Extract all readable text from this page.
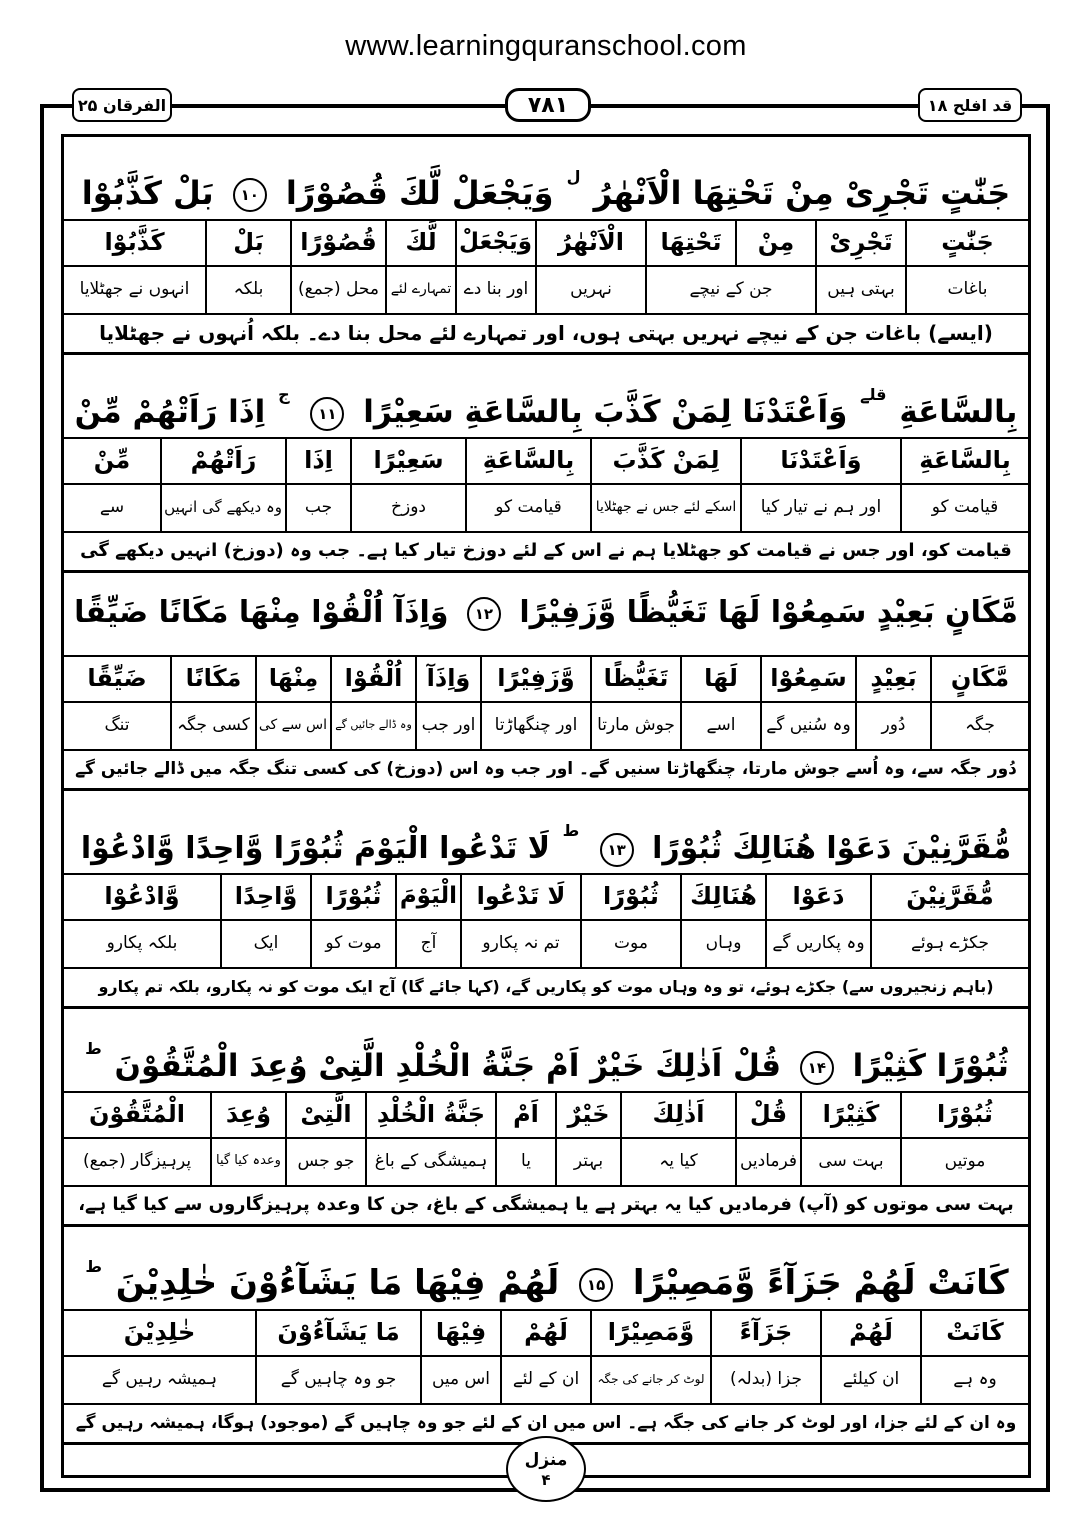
www.learningquranschool.com
الفرقان ۲۵	۷۸۱	قد افلح ۱۸
جَنّٰتٍ تَجْرِىْ مِنْ تَحْتِهَا الْاَنْهٰرُ $^ل$ وَيَجْعَلْ لَّكَ قُصُوْرًا ۱۰ بَلْ كَذَّبُوْا
جَنّٰتٍ
تَجْرِىْ
مِنْ
تَحْتِهَا
الْاَنْهٰرُ
وَيَجْعَلْ
لَّكَ
قُصُوْرًا
بَلْ
كَذَّبُوْا
باغات
بہتی ہیں
جن کے نیچے
نہریں
اور بنا دے
تمہارے لئے
محل (جمع)
بلکہ
انہوں نے جھٹلایا
(ایسے) باغات جن کے نیچے نہریں بہتی ہوں، اور تمہارے لئے محل بنا دے۔ بلکہ اُنہوں نے جھٹلایا
بِالسَّاعَةِ $^{قلے}$ وَاَعْتَدْنَا لِمَنْ كَذَّبَ بِالسَّاعَةِ سَعِيْرًا ۱۱ $^ج$ اِذَا رَاَتْهُمْ مِّنْ
بِالسَّاعَةِ
وَاَعْتَدْنَا
لِمَنْ كَذَّبَ
بِالسَّاعَةِ
سَعِيْرًا
اِذَا
رَاَتْهُمْ
مِّنْ
قیامت کو
اور ہم نے تیار کیا
اسکے لئے جس نے جھٹلایا
قیامت کو
دوزخ
جب
وہ دیکھے گی انہیں
سے
قیامت کو، اور جس نے قیامت کو جھٹلایا ہم نے اس کے لئے دوزخ تیار کیا ہے۔ جب وہ (دوزخ) انہیں دیکھے گی
مَّكَانٍ بَعِيْدٍ سَمِعُوْا لَهَا تَغَيُّظًا وَّزَفِيْرًا ۱۲ وَاِذَآ اُلْقُوْا مِنْهَا مَكَانًا ضَيِّقًا
مَّكَانٍ
بَعِيْدٍ
سَمِعُوْا
لَهَا
تَغَيُّظًا
وَّزَفِيْرًا
وَاِذَآ
اُلْقُوْا
مِنْهَا
مَكَانًا
ضَيِّقًا
جگہ
دُور
وہ سُنیں گے
اسے
جوش مارتا
اور چنگھاڑتا
اور جب
وہ ڈالے جائیں گے
اس سے کی
کسی جگہ
تنگ
دُور جگہ سے، وہ اُسے جوش مارتا، چنگھاڑتا سنیں گے۔ اور جب وہ اس (دوزخ) کی کسی تنگ جگہ میں ڈالے جائیں گے
مُّقَرَّنِيْنَ دَعَوْا هُنَالِكَ ثُبُوْرًا ۱۳ $^ط$ لَا تَدْعُوا الْيَوْمَ ثُبُوْرًا وَّاحِدًا وَّادْعُوْا
مُّقَرَّنِيْنَ
دَعَوْا
هُنَالِكَ
ثُبُوْرًا
لَا تَدْعُوا
الْيَوْمَ
ثُبُوْرًا
وَّاحِدًا
وَّادْعُوْا
جکڑے ہوئے
وہ پکاریں گے
وہاں
موت
تم نہ پکارو
آج
موت کو
ایک
بلکہ پکارو
(باہم زنجیروں سے) جکڑے ہوئے، تو وہ وہاں موت کو پکاریں گے، (کہا جائے گا) آج ایک موت کو نہ پکارو، بلکہ تم پکارو
ثُبُوْرًا كَثِيْرًا ۱۴ قُلْ اَذٰلِكَ خَيْرٌ اَمْ جَنَّةُ الْخُلْدِ الَّتِىْ وُعِدَ الْمُتَّقُوْنَ $^ط$
ثُبُوْرًا
كَثِيْرًا
قُلْ
اَذٰلِكَ
خَيْرٌ
اَمْ
جَنَّةُ الْخُلْدِ
الَّتِىْ
وُعِدَ
الْمُتَّقُوْنَ
موتیں
بہت سی
فرمادیں
کیا یہ
بہتر
یا
ہمیشگی کے باغ
جو جس
وعدہ کیا گیا
پرہیزگار (جمع)
بہت سی موتوں کو (آپ) فرمادیں کیا یہ بہتر ہے یا ہمیشگی کے باغ، جن کا وعدہ پرہیزگاروں سے کیا گیا ہے،
كَانَتْ لَهُمْ جَزَآءً وَّمَصِيْرًا ۱۵ لَهُمْ فِيْهَا مَا يَشَآءُوْنَ خٰلِدِيْنَ $^ط$
كَانَتْ
لَهُمْ
جَزَآءً
وَّمَصِيْرًا
لَهُمْ
فِيْهَا
مَا يَشَآءُوْنَ
خٰلِدِيْنَ
وہ ہے
ان کیلئے
جزا (بدلہ)
لوٹ کر جانے کی جگہ
ان کے لئے
اس میں
جو وہ چاہیں گے
ہمیشہ رہیں گے
وہ ان کے لئے جزا، اور لوٹ کر جانے کی جگہ ہے۔ اس میں ان کے لئے جو وہ چاہیں گے (موجود) ہوگا، ہمیشہ رہیں گے
منزل
۴
